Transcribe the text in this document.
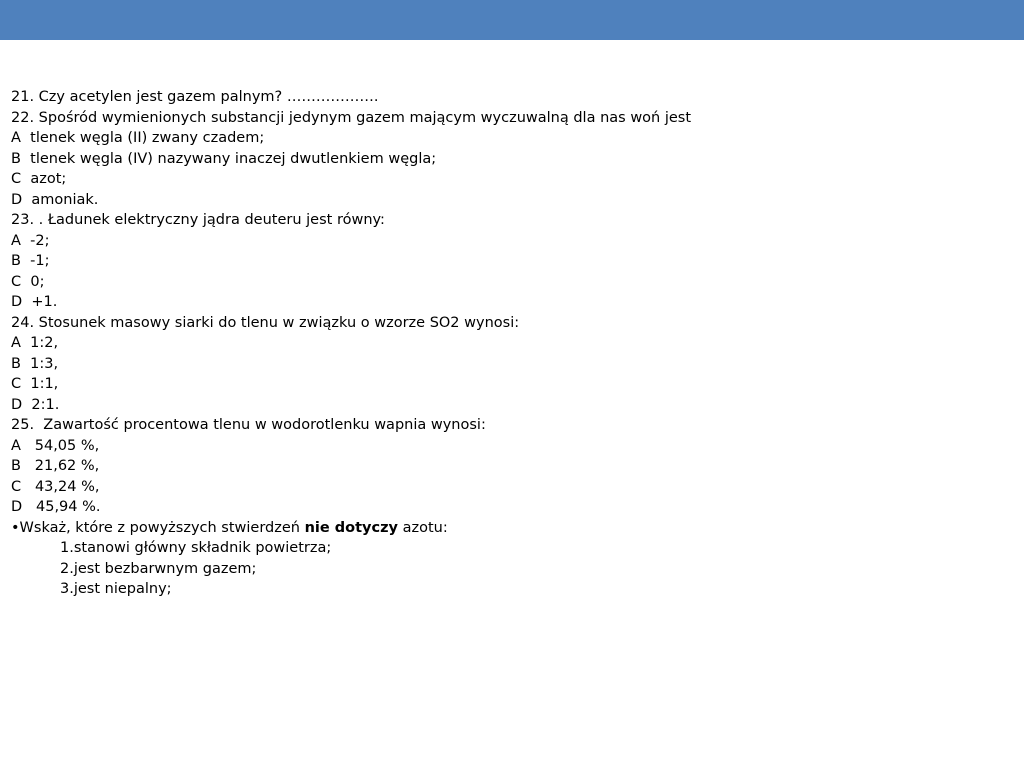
21. Czy acetylen jest gazem palnym? ……………….
22. Spośród wymienionych substancji jedynym gazem mającym wyczuwalną dla nas woń jest
A  tlenek węgla (II) zwany czadem;
B  tlenek węgla (IV) nazywany inaczej dwutlenkiem węgla;
C  azot;
D  amoniak.
23. . Ładunek elektryczny jądra deuteru jest równy:
A  -2;
B  -1;
C  0;
D  +1.
24. Stosunek masowy siarki do tlenu w związku o wzorze SO2 wynosi:
A  1:2,
B  1:3,
C  1:1,
D  2:1.
25.  Zawartość procentowa tlenu w wodorotlenku wapnia wynosi:
A   54,05 %,
B   21,62 %,
C   43,24 %,
D   45,94 %.
•Wskaż, które z powyższych stwierdzeń nie dotyczy azotu:
1.stanowi główny składnik powietrza;
2.jest bezbarwnym gazem;
3.jest niepalny;
